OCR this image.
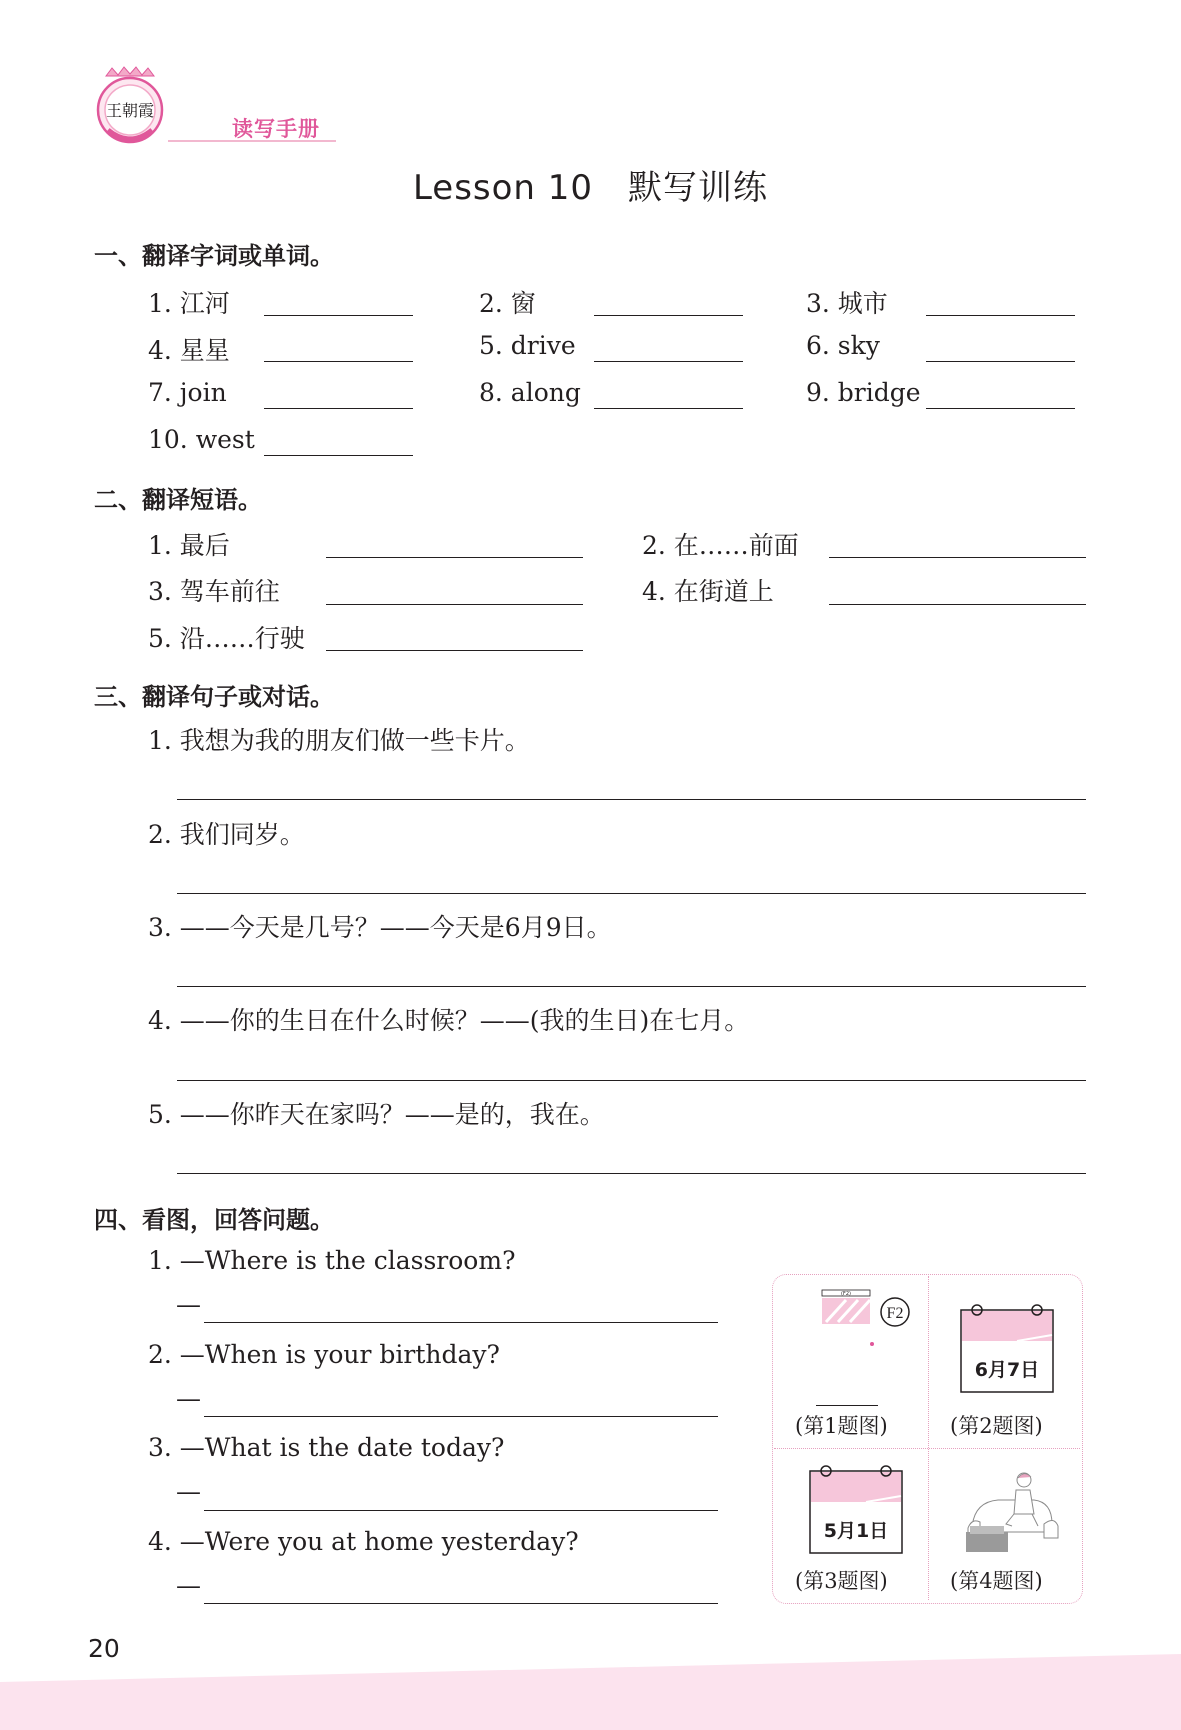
王朝霞
读写手册
Lesson 10　默写训练
一、翻译字词或单词。
1. 江河	2. 窗	3. 城市
4. 星星	5. drive	6. sky
7. join	8. along	9. bridge
10. west
二、翻译短语。
1. 最后	2. 在……前面
3. 驾车前往	4. 在街道上
5. 沿……行驶
三、翻译句子或对话。
1. 我想为我的朋友们做一些卡片。
2. 我们同岁。
3. ——今天是几号？——今天是6月9日。
4. ——你的生日在什么时候？——(我的生日)在七月。
5. ——你昨天在家吗？——是的，我在。
四、看图，回答问题。
1. —Where is the classroom?
—
2. —When is your birthday?
—
3. —What is the date today?
—
4. —Were you at home yesterday?
—
(F2)
F2
6月7日
5月1日
(第1题图)	(第2题图)
(第3题图)	(第4题图)
20
